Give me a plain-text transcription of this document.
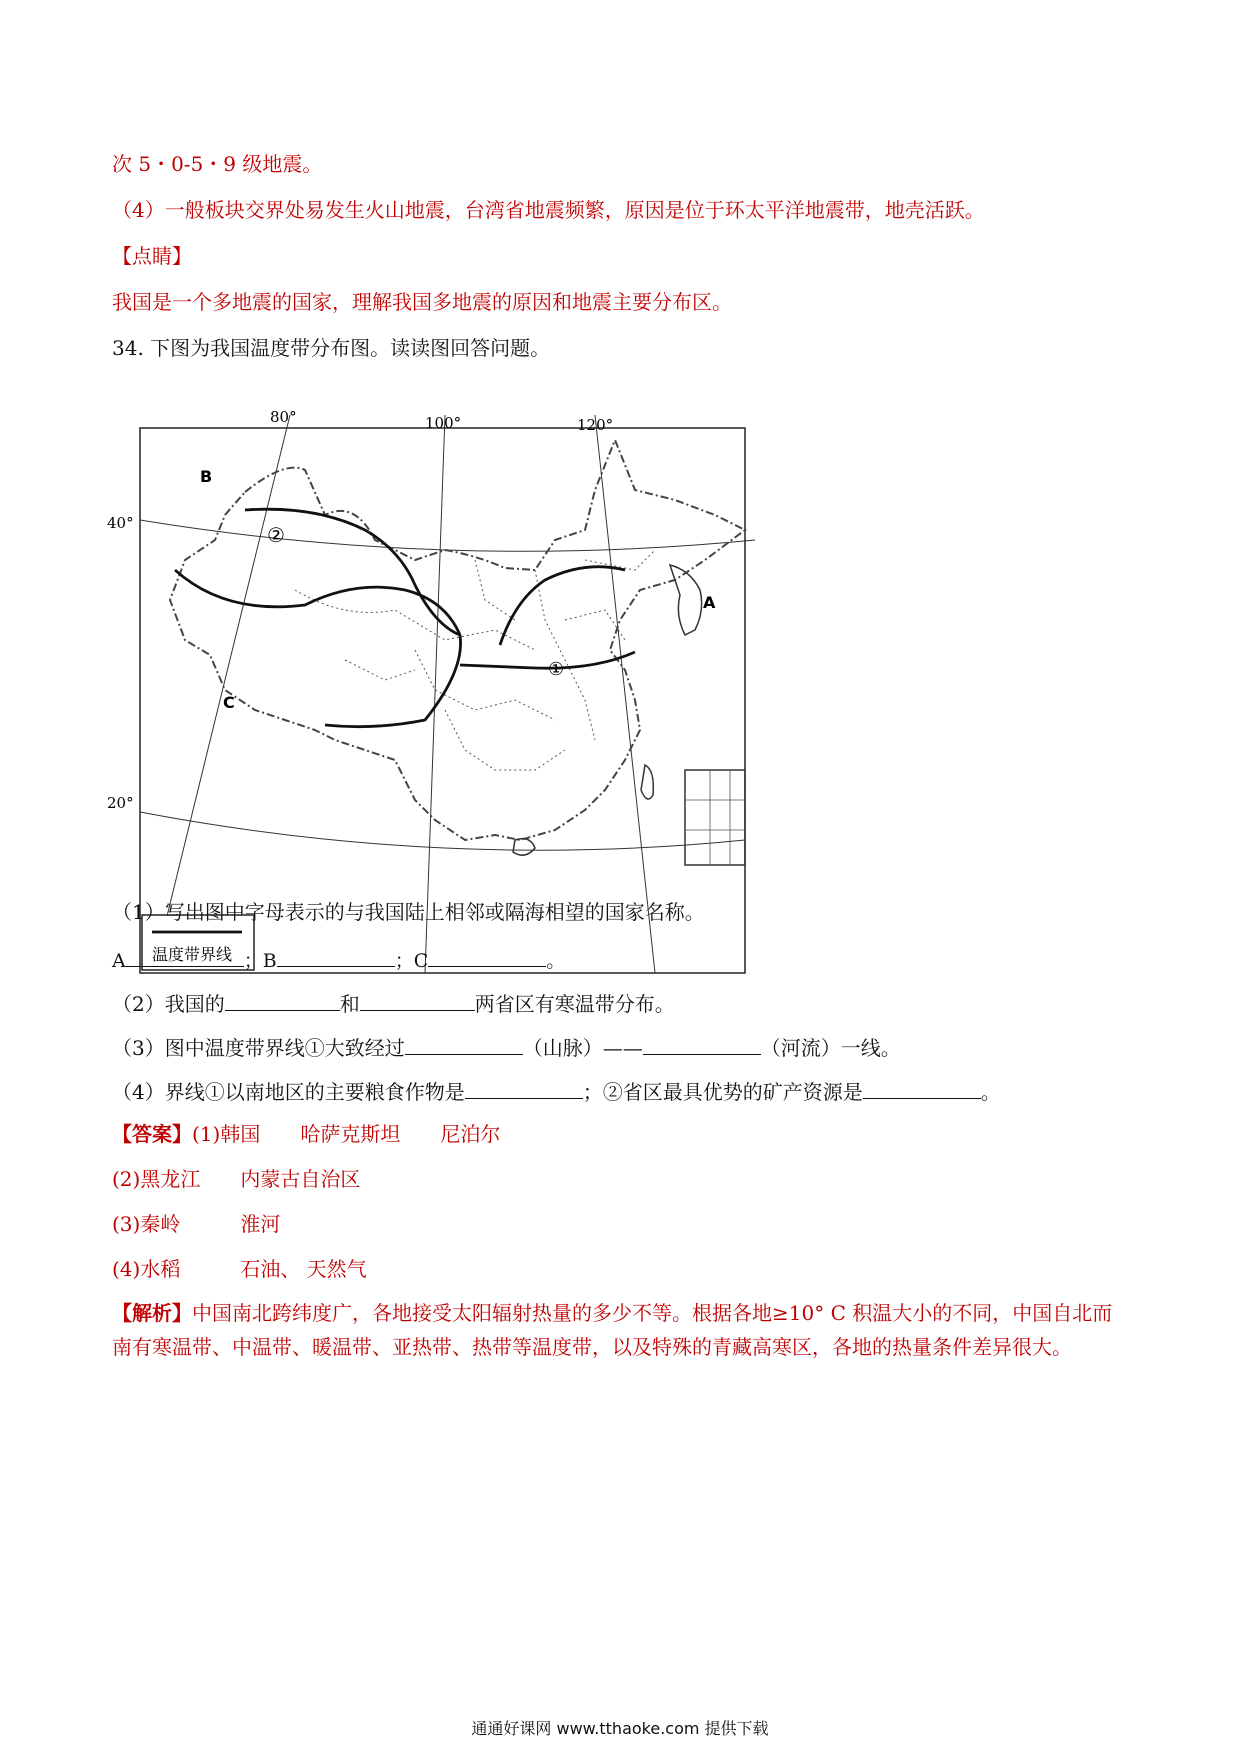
次 5・0-5・9 级地震。
（4）一般板块交界处易发生火山地震，台湾省地震频繁，原因是位于环太平洋地震带，地壳活跃。
【点睛】
我国是一个多地震的国家，理解我国多地震的原因和地震主要分布区。
34. 下图为我国温度带分布图。读读图回答问题。
80°	100°	120°
40°
20°
B
A
C
②
①
温度带界线
（1）写出图中字母表示的与我国陆上相邻或隔海相望的国家名称。
A	；B	；C	。
（2）我国的	和	两省区有寒温带分布。
（3）图中温度带界线①大致经过	（山脉）——	（河流）一线。
（4）界线①以南地区的主要粮食作物是	；②省区最具优势的矿产资源是	。
【答案】(1)韩国　　哈萨克斯坦　　尼泊尔
(2)黑龙江　　内蒙古自治区
(3)秦岭　　　淮河
(4)水稻　　　石油、 天然气
【解析】中国南北跨纬度广，各地接受太阳辐射热量的多少不等。根据各地≥10° C 积温大小的不同，中国自北而南有寒温带、中温带、暖温带、亚热带、热带等温度带，以及特殊的青藏高寒区，各地的热量条件差异很大。
通通好课网 www.tthaoke.com 提供下载
